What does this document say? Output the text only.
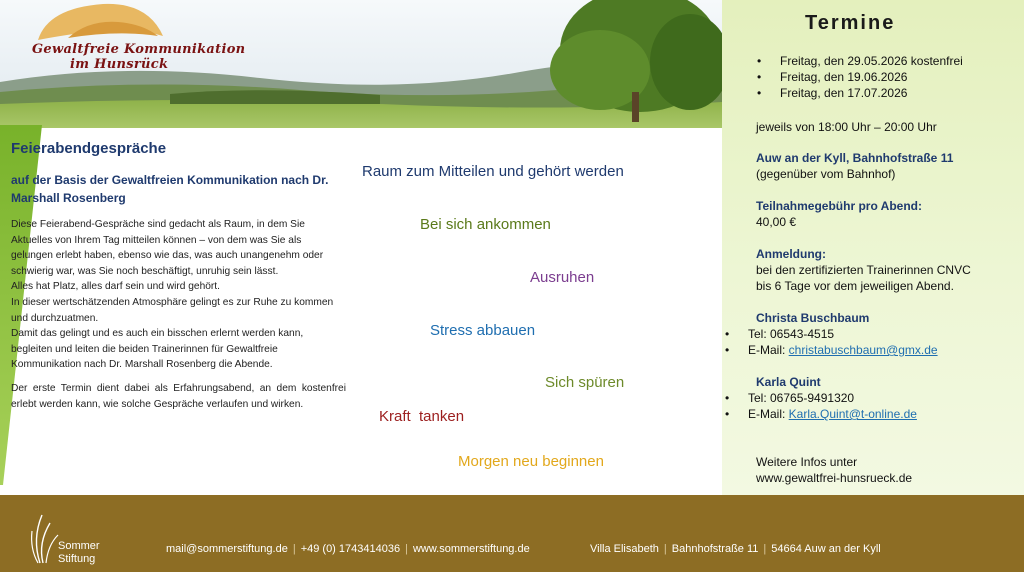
Gewaltfreie Kommunikation
im Hunsrück
Feierabendgespräche
auf der Basis der Gewaltfreien Kommunikation nach Dr. Marshall Rosenberg

Diese Feierabend-Gespräche sind gedacht als Raum, in dem Sie Aktuelles von Ihrem Tag mitteilen können – von dem was Sie als gelungen erlebt haben, ebenso wie das, was auch unangenehm oder schwierig war, was Sie noch beschäftigt, unruhig sein lässt.
Alles hat Platz, alles darf sein und wird gehört.
In dieser wertschätzenden Atmosphäre gelingt es zur Ruhe zu kommen und durchzuatmen.
Damit das gelingt und es auch ein bisschen erlernt werden kann, begleiten und leiten die beiden Trainerinnen für Gewaltfreie Kommunikation nach Dr. Marshall Rosenberg die Abende.

Der erste Termin dient dabei als Erfahrungsabend, an dem kostenfrei erlebt werden kann, wie solche Gespräche verlaufen und wirken.

Raum zum Mitteilen und gehört werden
Bei sich ankommen
Ausruhen
Stress abbauen
Sich spüren
Kraft  tanken
Morgen neu beginnen
Termine
• Freitag, den 29.05.2026 kostenfrei
• Freitag, den 19.06.2026
• Freitag, den 17.07.2026
jeweils von 18:00 Uhr – 20:00 Uhr
Auw an der Kyll, Bahnhofstraße 11
(gegenüber vom Bahnhof)
Teilnahmegebühr pro Abend:
40,00 €
Anmeldung:
bei den zertifizierten Trainerinnen CNVC
bis 6 Tage vor dem jeweiligen Abend.
Christa Buschbaum
• Tel: 06543-4515
• E-Mail: christabuschbaum@gmx.de
Karla Quint
• Tel: 06765-9491320
• E-Mail: Karla.Quint@t-online.de
Weitere Infos unter
www.gewaltfrei-hunsrueck.de
Sommer
Stiftung
mail@sommerstiftung.de | +49 (0) 1743414036 | www.sommerstiftung.de	Villa Elisabeth | Bahnhofstraße 11 | 54664 Auw an der Kyll
